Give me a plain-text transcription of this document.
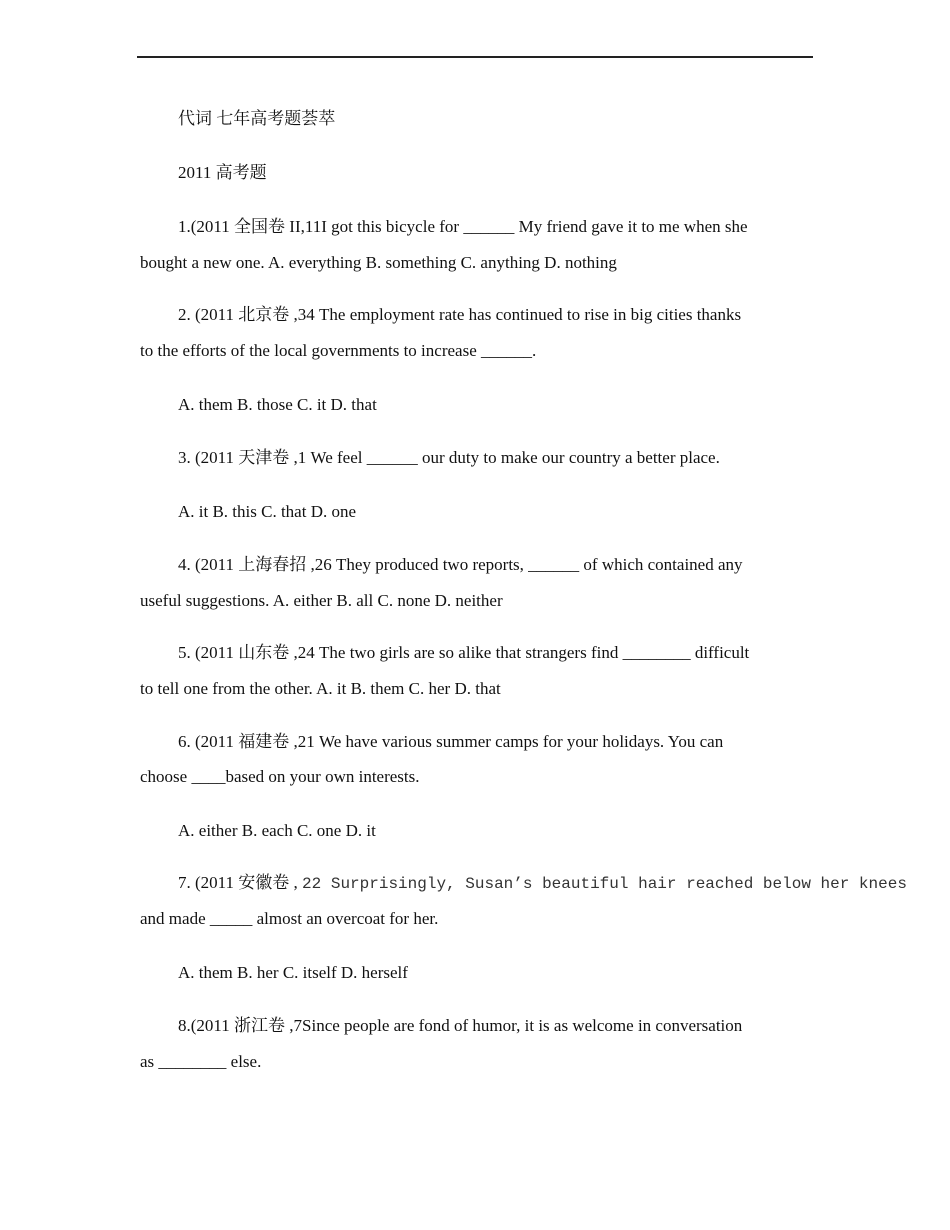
代词 七年高考题荟萃
2011 高考题
1.(2011 全国卷 II,11I got this bicycle for ______ My friend gave it to me when she
bought a new one. A. everything B. something C. anything D. nothing
2. (2011 北京卷 ,34 The employment rate has continued to rise in big cities thanks
to the efforts of the local governments to increase ______.
A. them B. those C. it D. that
3. (2011 天津卷 ,1 We feel ______ our duty to make our country a better place.
A. it B. this C. that D. one
4. (2011 上海春招 ,26 They produced two reports, ______ of which contained any
useful suggestions. A. either B. all C. none D. neither
5. (2011 山东卷 ,24 The two girls are so alike that strangers find ________ difficult
to tell one from the other. A. it B. them C. her D. that
6. (2011 福建卷 ,21 We have various summer camps for your holidays. You can
choose ____based on your own interests.
A. either B. each C. one D. it
7. (2011 安徽卷 , 22 Surprisingly, Susan’s beautiful hair reached below her knees
and made _____ almost an overcoat for her.
A. them B. her C. itself D. herself
8.(2011 浙江卷 ,7Since people are fond of humor, it is as welcome in conversation
as ________ else.
